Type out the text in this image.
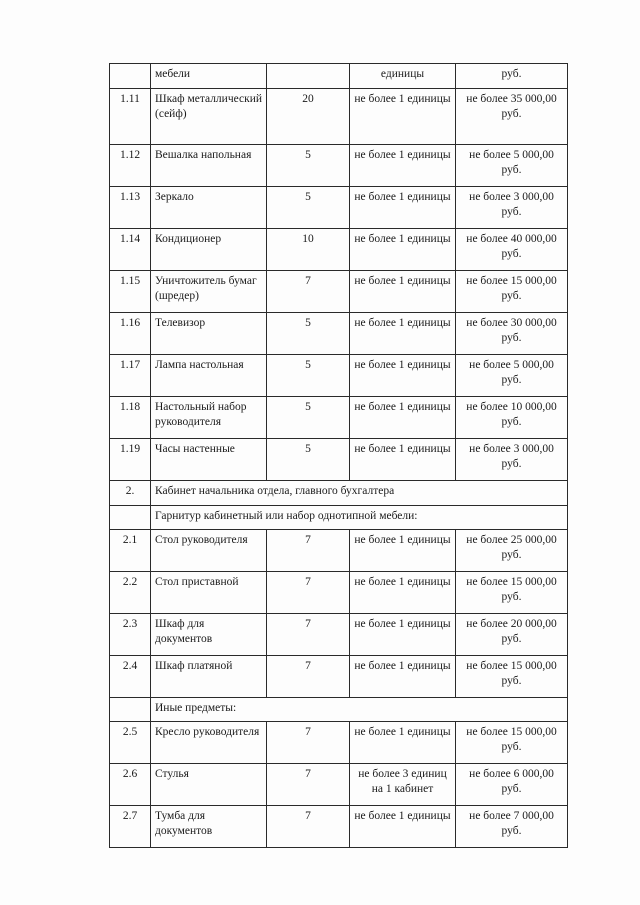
	мебели		единицы	руб.
1.11	Шкаф металлический (сейф)	20	не более 1 единицы	не более 35 000,00 руб.
1.12	Вешалка напольная	5	не более 1 единицы	не более 5 000,00 руб.
1.13	Зеркало	5	не более 1 единицы	не более 3 000,00 руб.
1.14	Кондиционер	10	не более 1 единицы	не более 40 000,00 руб.
1.15	Уничтожитель бумаг (шредер)	7	не более 1 единицы	не более 15 000,00 руб.
1.16	Телевизор	5	не более 1 единицы	не более 30 000,00 руб.
1.17	Лампа настольная	5	не более 1 единицы	не более 5 000,00 руб.
1.18	Настольный набор руководителя	5	не более 1 единицы	не более 10 000,00 руб.
1.19	Часы настенные	5	не более 1 единицы	не более 3 000,00 руб.
2.	Кабинет начальника отдела, главного бухгалтера			
	Гарнитур кабинетный или набор однотипной мебели:			
2.1	Стол руководителя	7	не более 1 единицы	не более 25 000,00 руб.
2.2	Стол приставной	7	не более 1 единицы	не более 15 000,00 руб.
2.3	Шкаф для документов	7	не более 1 единицы	не более 20 000,00 руб.
2.4	Шкаф платяной	7	не более 1 единицы	не более 15 000,00 руб.
	Иные предметы:			
2.5	Кресло руководителя	7	не более 1 единицы	не более 15 000,00 руб.
2.6	Стулья	7	не более 3 единиц на 1 кабинет	не более 6 000,00 руб.
2.7	Тумба для документов	7	не более 1 единицы	не более 7 000,00 руб.
